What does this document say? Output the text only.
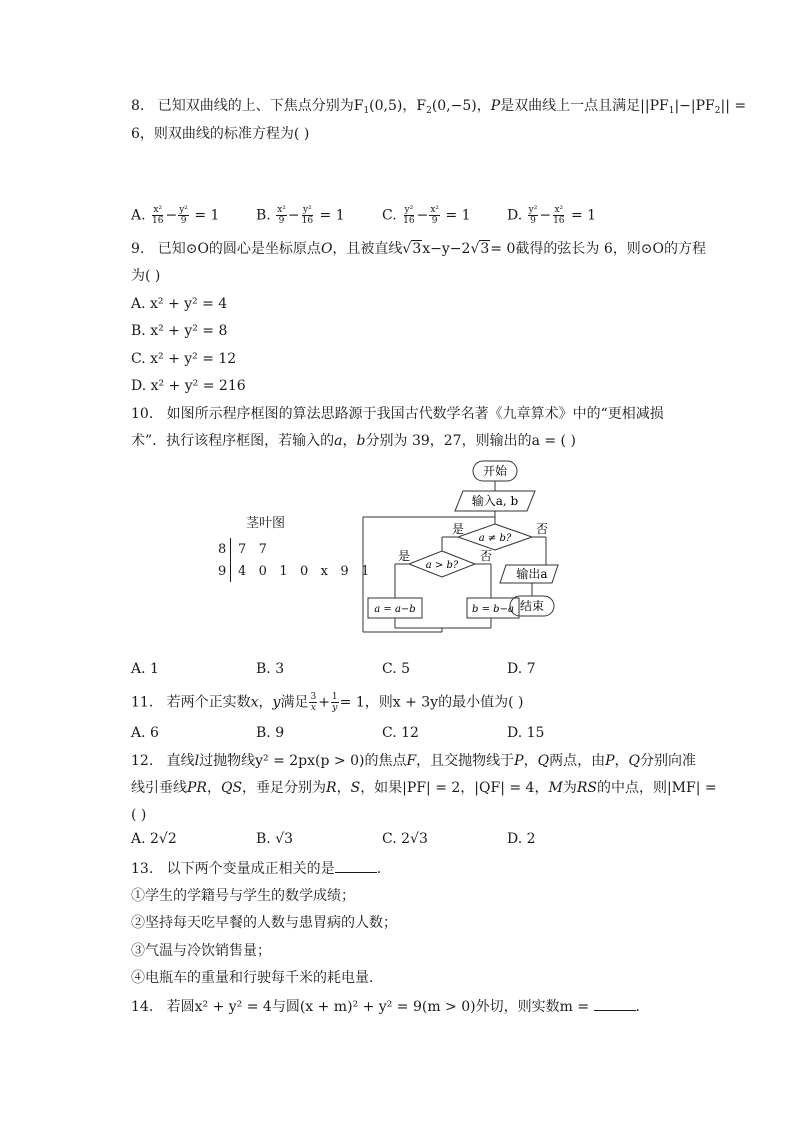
8. 已知双曲线的上、下焦点分别为$F_1(0,5)$，$F_2(0,-5)$，P是双曲线上一点且满足$||PF_1|-|PF_2||$ =
6，则双曲线的标准方程为( )
A. $\frac{\text{x²}}{16} - \frac{\text{y²}}{9} = 1$	B. $\frac{\text{x²}}{9} - \frac{\text{y²}}{16} = 1$	C. $\frac{\text{y²}}{16} - \frac{\text{x²}}{9} = 1$	D. $\frac{\text{y²}}{9} - \frac{\text{x²}}{16} = 1$
9. 已知⊙O的圆心是坐标原点O，且被直线√3x−y−2√3= 0截得的弦长为 6，则⊙O的方程
为( )
A. x² + y² = 4
B. x² + y² = 8
C. x² + y² = 12
D. x² + y² = 216
10. 如图所示程序框图的算法思路源于我国古代数学名著《九章算术》中的“更相减损
术”．执行该程序框图，若输入的a，b分别为 39，27，则输出的a = ( )
茎叶图
8 7   7
9 4   0   1   0   x   9   1
开始
输入a, b
a ≠ b?
是	否
a > b?
是	否
输出a
结束
a = a−b	b = b−a
A. 1	B. 3	C. 5	D. 7
11. 若两个正实数x，y满足 $\frac{3}{x} + \frac{1}{y} = 1$，则x + 3y的最小值为( )
A. 6	B. 9	C. 12	D. 15
12. 直线l过抛物线y² = 2px(p > 0)的焦点F，且交抛物线于P，Q两点，由P，Q分别向准
线引垂线PR，QS，垂足分别为R，S，如果|PF| = 2，|QF| = 4，M为RS的中点，则|MF| =
( )
A. 2√2	B. √3	C. 2√3	D. 2
13. 以下两个变量成正相关的是	.
①学生的学籍号与学生的数学成绩；
②坚持每天吃早餐的人数与患胃病的人数；
③气温与冷饮销售量；
④电瓶车的重量和行驶每千米的耗电量．
14. 若圆x² + y² = 4与圆(x + m)² + y² = 9(m > 0)外切，则实数m =	.
